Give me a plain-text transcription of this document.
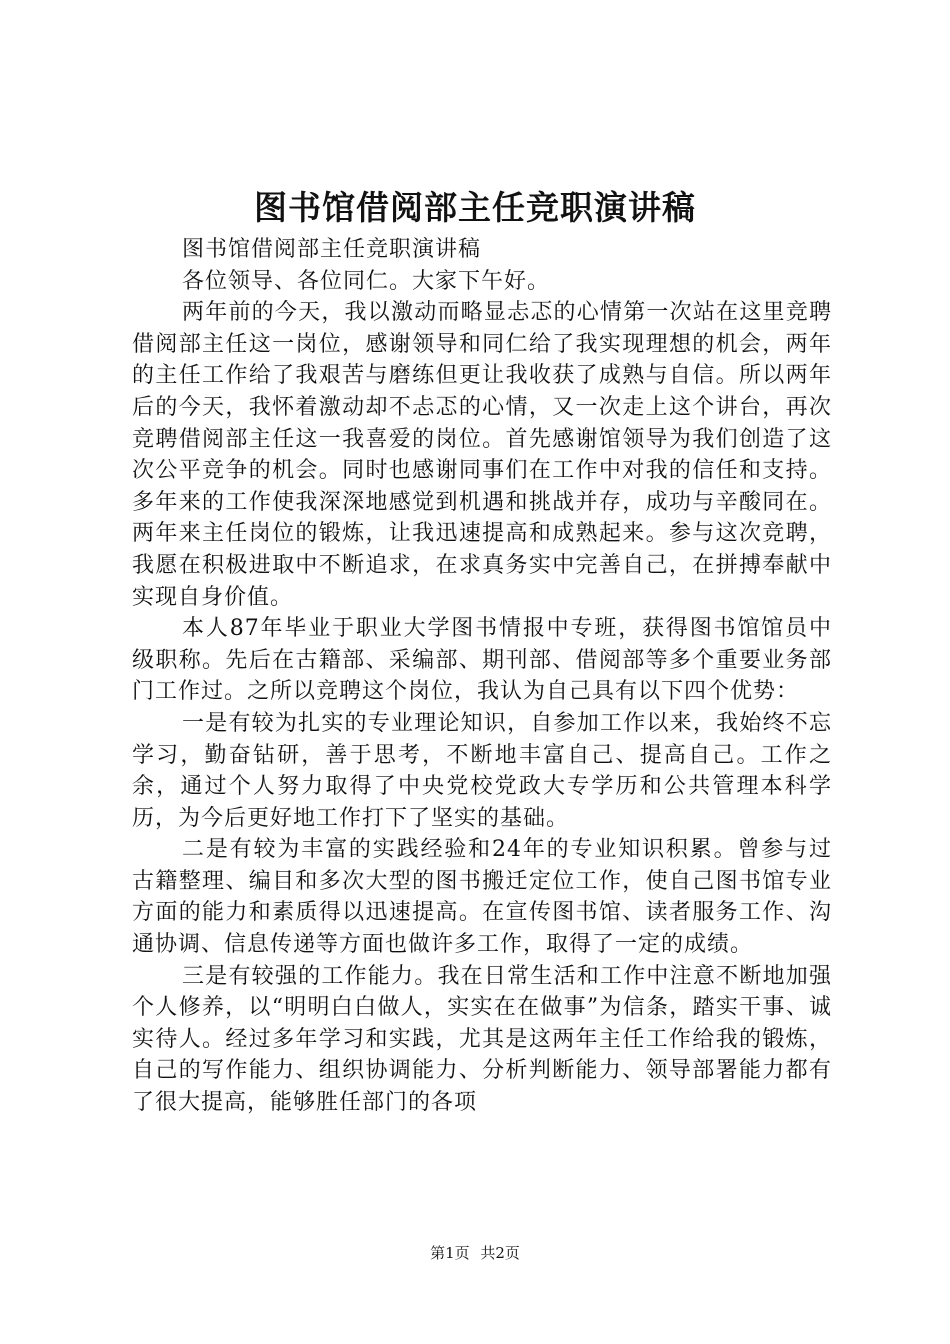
图书馆借阅部主任竞职演讲稿

图书馆借阅部主任竞职演讲稿

各位领导、各位同仁。大家下午好。

两年前的今天，我以激动而略显忐忑的心情第一次站在这里竞聘借阅部主任这一岗位，感谢领导和同仁给了我实现理想的机会，两年的主任工作给了我艰苦与磨练但更让我收获了成熟与自信。所以两年后的今天，我怀着激动却不忐忑的心情，又一次走上这个讲台，再次竞聘借阅部主任这一我喜爱的岗位。首先感谢馆领导为我们创造了这次公平竞争的机会。同时也感谢同事们在工作中对我的信任和支持。多年来的工作使我深深地感觉到机遇和挑战并存，成功与辛酸同在。两年来主任岗位的锻炼，让我迅速提高和成熟起来。参与这次竞聘，我愿在积极进取中不断追求，在求真务实中完善自己，在拼搏奉献中实现自身价值。

本人87年毕业于职业大学图书情报中专班，获得图书馆馆员中级职称。先后在古籍部、采编部、期刊部、借阅部等多个重要业务部门工作过。之所以竞聘这个岗位，我认为自己具有以下四个优势：

一是有较为扎实的专业理论知识，自参加工作以来，我始终不忘学习，勤奋钻研，善于思考，不断地丰富自己、提高自己。工作之余，通过个人努力取得了中央党校党政大专学历和公共管理本科学历，为今后更好地工作打下了坚实的基础。

二是有较为丰富的实践经验和24年的专业知识积累。曾参与过古籍整理、编目和多次大型的图书搬迁定位工作，使自己图书馆专业方面的能力和素质得以迅速提高。在宣传图书馆、读者服务工作、沟通协调、信息传递等方面也做许多工作，取得了一定的成绩。

三是有较强的工作能力。我在日常生活和工作中注意不断地加强个人修养，以“明明白白做人，实实在在做事”为信条，踏实干事、诚实待人。经过多年学习和实践，尤其是这两年主任工作给我的锻炼，自己的写作能力、组织协调能力、分析判断能力、领导部署能力都有了很大提高，能够胜任部门的各项

第1页 共2页
